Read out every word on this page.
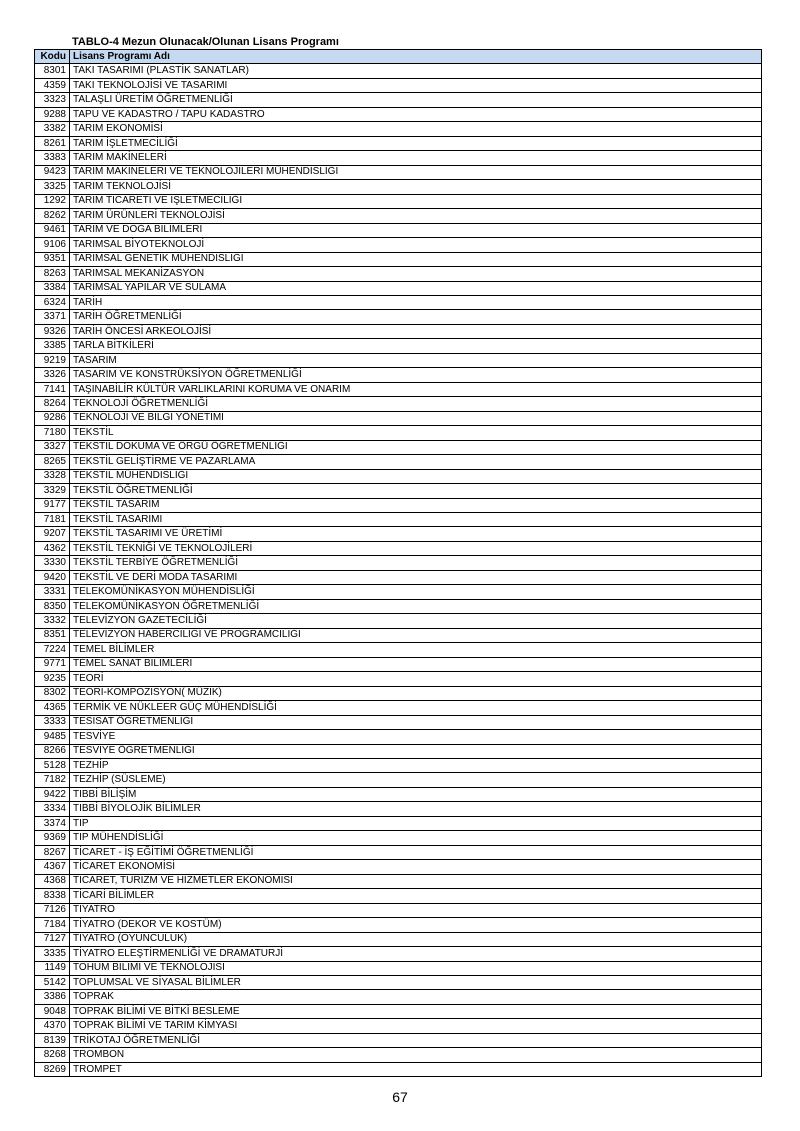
TABLO-4 Mezun Olunacak/Olunan Lisans Programı
Kodu	Lisans Programı Adı
8301	TAKI TASARIMI (PLASTİK SANATLAR)
4359	TAKI TEKNOLOJİSİ VE TASARIMI
3323	TALAŞLI ÜRETİM ÖĞRETMENLİĞİ
9288	TAPU VE KADASTRO / TAPU KADASTRO
3382	TARIM EKONOMİSİ
8261	TARIM İŞLETMECİLİĞİ
3383	TARIM MAKİNELERİ
9423	TARIM MAKİNELERİ VE TEKNOLOJİLERİ MÜHENDİSLİĞİ
3325	TARIM TEKNOLOJİSİ
1292	TARIM TİCARETİ VE İŞLETMECİLİĞİ
8262	TARIM ÜRÜNLERİ TEKNOLOJİSİ
9461	TARIM VE DOĞA BİLİMLERİ
9106	TARIMSAL BİYOTEKNOLOJİ
9351	TARIMSAL GENETİK MÜHENDİSLİĞİ
8263	TARIMSAL MEKANİZASYON
3384	TARIMSAL YAPILAR VE SULAMA
6324	TARİH
3371	TARİH ÖĞRETMENLİĞİ
9326	TARİH ÖNCESİ ARKEOLOJİSİ
3385	TARLA BİTKİLERİ
9219	TASARIM
3326	TASARIM VE KONSTRÜKSİYON ÖĞRETMENLİĞİ
7141	TAŞINABİLİR KÜLTÜR VARLIKLARINI KORUMA VE ONARIM
8264	TEKNOLOJİ ÖĞRETMENLİĞİ
9286	TEKNOLOJİ VE BİLGİ YÖNETİMİ
7180	TEKSTİL
3327	TEKSTİL DOKUMA VE ÖRGÜ ÖĞRETMENLİĞİ
8265	TEKSTİL GELİŞTİRME VE PAZARLAMA
3328	TEKSTİL MÜHENDİSLİĞİ
3329	TEKSTİL ÖĞRETMENLİĞİ
9177	TEKSTİL TASARIM
7181	TEKSTİL TASARIMI
9207	TEKSTİL TASARIMI VE ÜRETİMİ
4362	TEKSTİL TEKNİĞİ VE TEKNOLOJİLERİ
3330	TEKSTİL TERBİYE ÖĞRETMENLİĞİ
9420	TEKSTİL VE DERİ MODA TASARIMI
3331	TELEKOMÜNİKASYON MÜHENDİSLİĞİ
8350	TELEKOMÜNİKASYON ÖĞRETMENLİĞİ
3332	TELEVİZYON GAZETECİLİĞİ
8351	TELEVİZYON HABERCİLİĞİ VE PROGRAMCILIĞI
7224	TEMEL BİLİMLER
9771	TEMEL SANAT BİLİMLERİ
9235	TEORİ
8302	TEORİ-KOMPOZİSYON( MÜZİK)
4365	TERMİK VE NÜKLEER GÜÇ MÜHENDİSLİĞİ
3333	TESİSAT ÖĞRETMENLİĞİ
9485	TESVİYE
8266	TESVİYE ÖĞRETMENLİĞİ
5128	TEZHİP
7182	TEZHİP (SÜSLEME)
9422	TIBBİ BİLİŞİM
3334	TIBBİ BİYOLOJİK BİLİMLER
3374	TIP
9369	TIP MÜHENDİSLİĞİ
8267	TİCARET - İŞ EĞİTİMİ ÖĞRETMENLİĞİ
4367	TİCARET EKONOMİSİ
4368	TİCARET, TURİZM VE HİZMETLER EKONOMİSİ
8338	TİCARİ BİLİMLER
7126	TİYATRO
7184	TİYATRO (DEKOR VE KOSTÜM)
7127	TİYATRO (OYUNCULUK)
3335	TİYATRO ELEŞTİRMENLİĞİ VE DRAMATURJİ
1149	TOHUM BİLİMİ VE TEKNOLOJİSİ
5142	TOPLUMSAL VE SİYASAL BİLİMLER
3386	TOPRAK
9048	TOPRAK BİLİMİ VE BİTKİ BESLEME
4370	TOPRAK BİLİMİ VE TARIM KİMYASI
8139	TRİKOTAJ ÖĞRETMENLİĞİ
8268	TROMBON
8269	TROMPET
67
